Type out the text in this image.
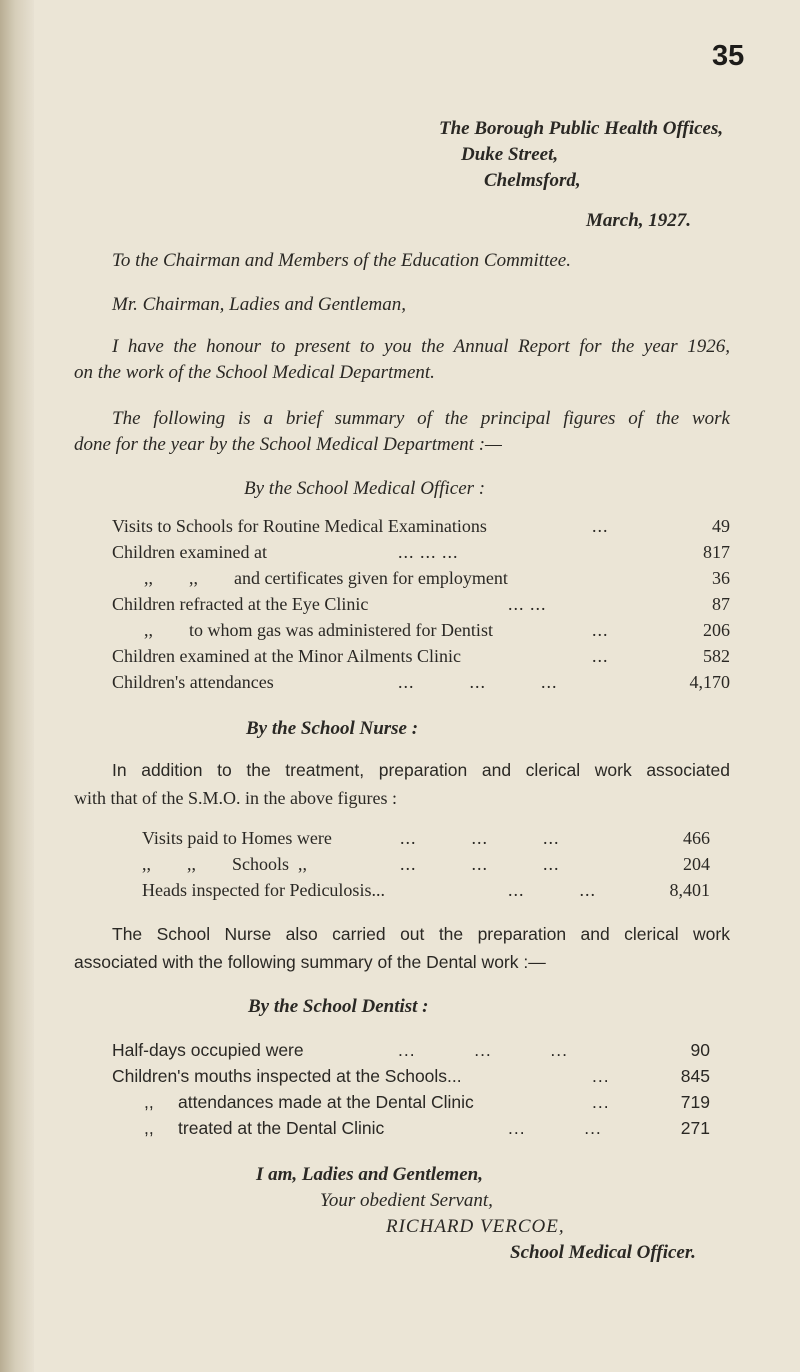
35
The Borough Public Health Offices,
Duke Street,
Chelmsford,
March, 1927.
To the Chairman and Members of the Education Committee.
Mr. Chairman, Ladies and Gentleman,
I have the honour to present to you the Annual Report for the year 1926,
on the work of the School Medical Department.
The following is a brief summary of the principal figures of the work
done for the year by the School Medical Department :—
By the School Medical Officer :
Visits to Schools for Routine Medical Examinations	...	49
Children examined at	... ... ...	817
,,        ,,        and certificates given for employment	36
Children refracted at the Eye Clinic	... ...	87
,,        to whom gas was administered for Dentist	...	206
Children examined at the Minor Ailments Clinic	...	582
Children's attendances	...          ...          ...	4,170
By the School Nurse :
In addition to the treatment, preparation and clerical work associated
with that of the S.M.O. in the above figures :
Visits paid to Homes were	...          ...          ...	466
,,        ,,        Schools  ,,	...          ...          ...	204
Heads inspected for Pediculosis...	...          ...	8,401
The School Nurse also carried out the preparation and clerical work
associated with the following summary of the Dental work :—
By the School Dentist :
Half-days occupied were	...          ...          ...	90
Children's mouths inspected at the Schools...	...	845
,,     attendances made at the Dental Clinic	...	719
,,     treated at the Dental Clinic	...          ...	271
I am, Ladies and Gentlemen,
Your obedient Servant,
RICHARD VERCOE,
School Medical Officer.
